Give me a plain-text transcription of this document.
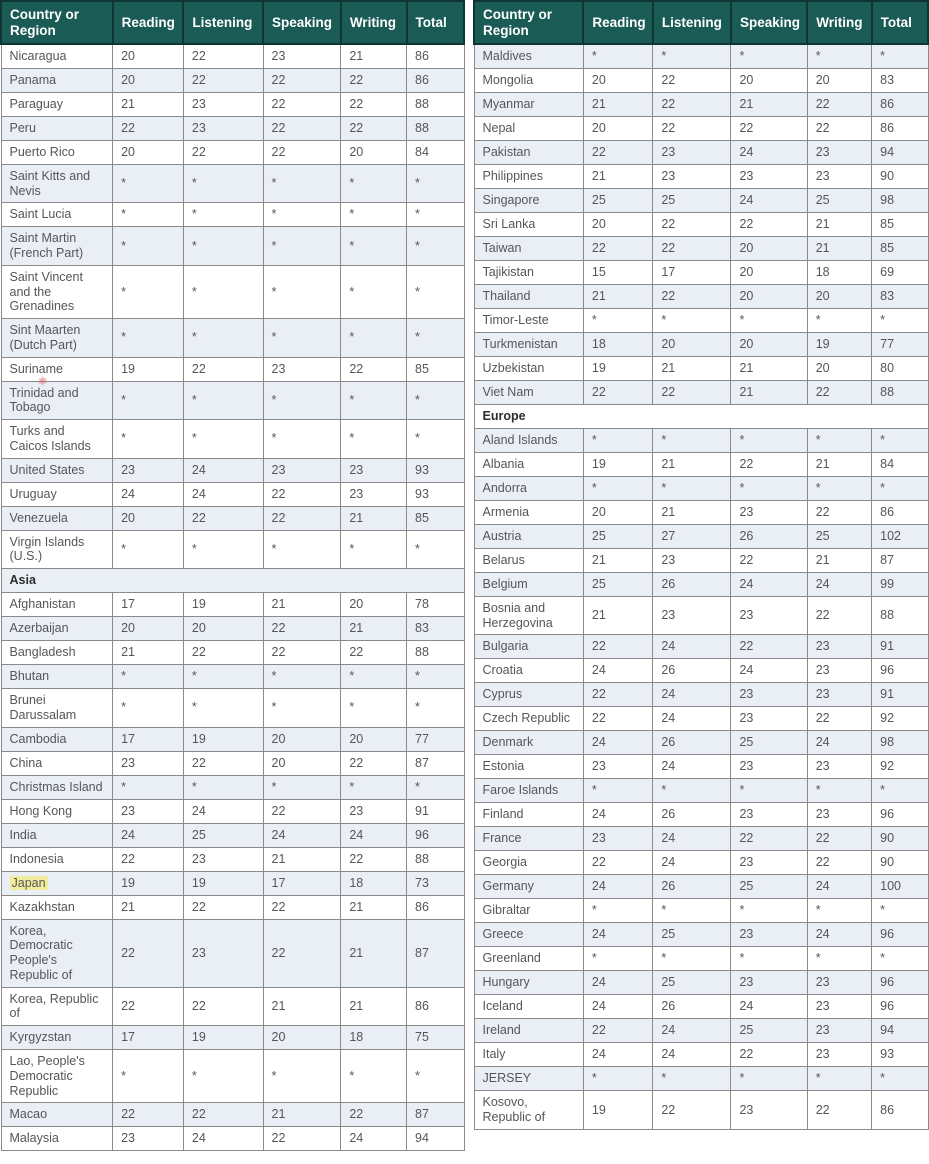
Country or Region	Reading	Listening	Speaking	Writing	Total
Nicaragua	20	22	23	21	86
Panama	20	22	22	22	86
Paraguay	21	23	22	22	88
Peru	22	23	22	22	88
Puerto Rico	20	22	22	20	84
Saint Kitts and Nevis	*	*	*	*	*
Saint Lucia	*	*	*	*	*
Saint Martin (French Part)	*	*	*	*	*
Saint Vincent and the Grenadines	*	*	*	*	*
Sint Maarten (Dutch Part)	*	*	*	*	*
Suriname	19	22	23	22	85
Trinidad and Tobago	*	*	*	*	*
Turks and Caicos Islands	*	*	*	*	*
United States	23	24	23	23	93
Uruguay	24	24	22	23	93
Venezuela	20	22	22	21	85
Virgin Islands (U.S.)	*	*	*	*	*
Asia					
Afghanistan	17	19	21	20	78
Azerbaijan	20	20	22	21	83
Bangladesh	21	22	22	22	88
Bhutan	*	*	*	*	*
Brunei Darussalam	*	*	*	*	*
Cambodia	17	19	20	20	77
China	23	22	20	22	87
Christmas Island	*	*	*	*	*
Hong Kong	23	24	22	23	91
India	24	25	24	24	96
Indonesia	22	23	21	22	88
Japan	19	19	17	18	73
Kazakhstan	21	22	22	21	86
Korea, Democratic People's Republic of	22	23	22	21	87
Korea, Republic of	22	22	21	21	86
Kyrgyzstan	17	19	20	18	75
Lao, People's Democratic Republic	*	*	*	*	*
Macao	22	22	21	22	87
Malaysia	23	24	22	24	94
Country or Region	Reading	Listening	Speaking	Writing	Total
Maldives	*	*	*	*	*
Mongolia	20	22	20	20	83
Myanmar	21	22	21	22	86
Nepal	20	22	22	22	86
Pakistan	22	23	24	23	94
Philippines	21	23	23	23	90
Singapore	25	25	24	25	98
Sri Lanka	20	22	22	21	85
Taiwan	22	22	20	21	85
Tajikistan	15	17	20	18	69
Thailand	21	22	20	20	83
Timor-Leste	*	*	*	*	*
Turkmenistan	18	20	20	19	77
Uzbekistan	19	21	21	20	80
Viet Nam	22	22	21	22	88
Europe					
Aland Islands	*	*	*	*	*
Albania	19	21	22	21	84
Andorra	*	*	*	*	*
Armenia	20	21	23	22	86
Austria	25	27	26	25	102
Belarus	21	23	22	21	87
Belgium	25	26	24	24	99
Bosnia and Herzegovina	21	23	23	22	88
Bulgaria	22	24	22	23	91
Croatia	24	26	24	23	96
Cyprus	22	24	23	23	91
Czech Republic	22	24	23	22	92
Denmark	24	26	25	24	98
Estonia	23	24	23	23	92
Faroe Islands	*	*	*	*	*
Finland	24	26	23	23	96
France	23	24	22	22	90
Georgia	22	24	23	22	90
Germany	24	26	25	24	100
Gibraltar	*	*	*	*	*
Greece	24	25	23	24	96
Greenland	*	*	*	*	*
Hungary	24	25	23	23	96
Iceland	24	26	24	23	96
Ireland	22	24	25	23	94
Italy	24	24	22	23	93
JERSEY	*	*	*	*	*
Kosovo, Republic of	19	22	23	22	86
✱
